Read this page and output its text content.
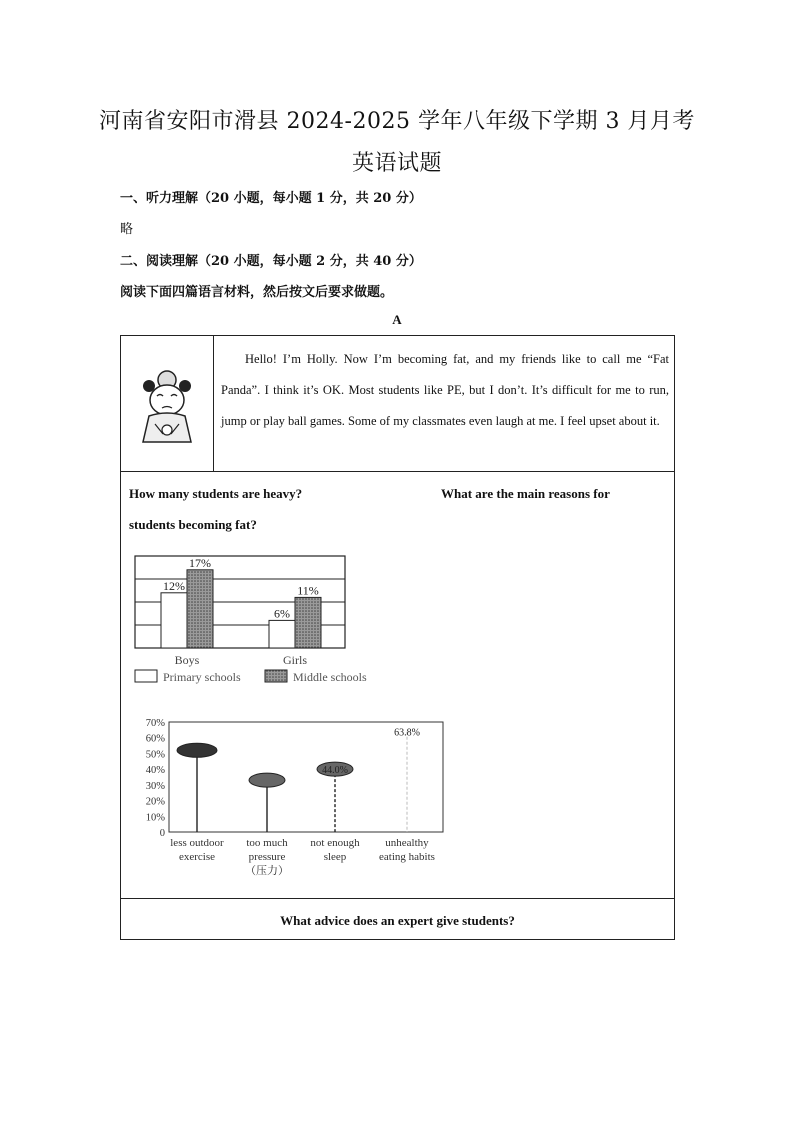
河南省安阳市滑县 2024-2025 学年八年级下学期 3 月月考
英语试题
一、听力理解（20 小题，每小题 1 分，共 20 分）
略
二、阅读理解（20 小题，每小题 2 分，共 40 分）
阅读下面四篇语言材料，然后按文后要求做题。
A

Hello! I’m Holly. Now I’m becoming fat, and my friends like to call me “Fat Panda”. I think it’s OK. Most students like PE, but I don’t. It’s difficult for me to run, jump or play ball games. Some of my classmates even laugh at me. I feel upset about it.

How many students are heavy?	What are the main reasons for
students becoming fat?
12%
17%
Boys
6%
11%
Girls
Primary schools	Middle schools
0
10%
20%
30%
40%
50%
60%
70%
44.0%
63.8%
less outdoor
exercise
too much
pressure
（压力）
not enough
sleep
unhealthy
eating habits
What advice does an expert give students?
